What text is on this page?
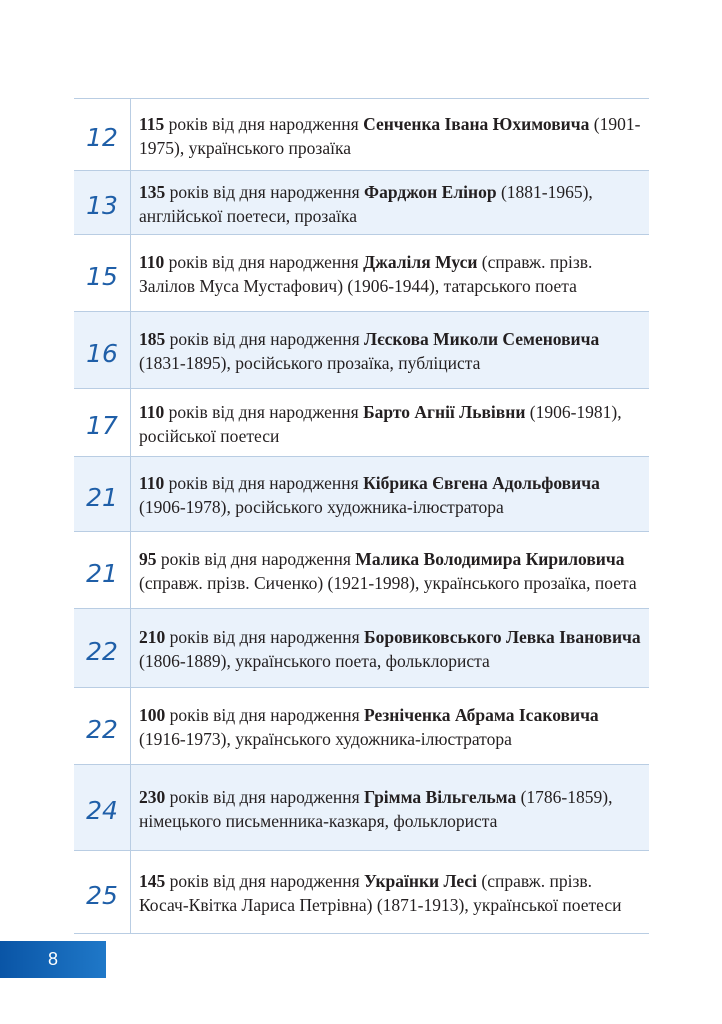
12	115 років від дня народження Сенченка Івана Юхимовича (1901-1975), українського прозаїка
13	135 років від дня народження Фарджон Елінор (1881-1965), англійської поетеси, прозаїка
15	110 років від дня народження Джаліля Муси (справж. прізв. Залілов Муса Мустафович) (1906-1944), татарського поета
16	185 років від дня народження Лєскова Миколи Семеновича (1831-1895), російського прозаїка, публіциста
17	110 років від дня народження Барто Агнії Львівни (1906-1981), російської поетеси
21	110 років від дня народження Кібрика Євгена Адольфовича (1906-1978), російського художника-ілюстратора
21	95 років від дня народження Малика Володимира Кириловича (справж. прізв. Сиченко) (1921-1998), українського прозаїка, поета
22	210 років від дня народження Боровиковського Левка Івановича (1806-1889), українського поета, фольклориста
22	100 років від дня народження Резніченка Абрама Ісаковича (1916-1973), українського художника-ілюстратора
24	230 років від дня народження Грімма Вільгельма (1786-1859), німецького письменника-казкаря, фольклориста
25	145 років від дня народження Українки Лесі (справж. прізв. Косач-Квітка Лариса Петрівна) (1871-1913), української поетеси
8
